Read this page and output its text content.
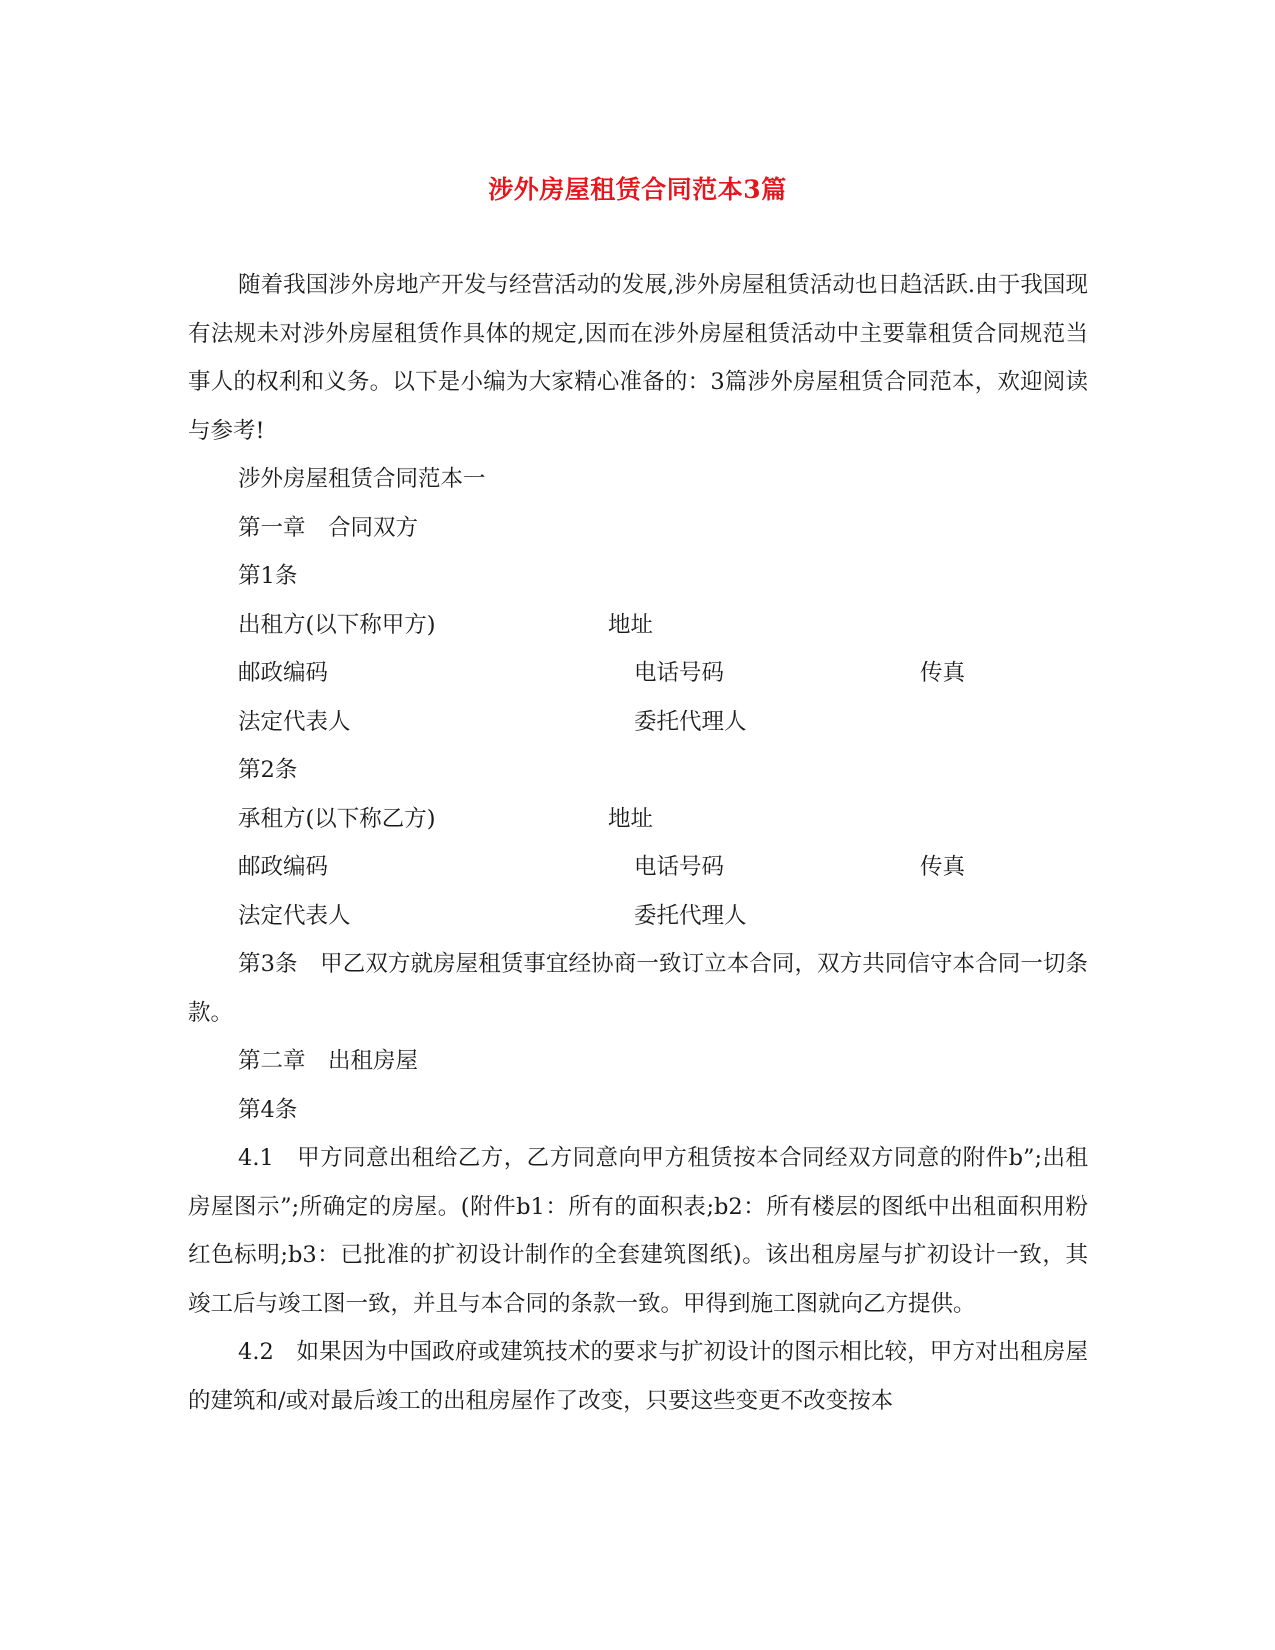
涉外房屋租赁合同范本3篇

随着我国涉外房地产开发与经营活动的发展,涉外房屋租赁活动也日趋活跃.由于我国现有法规未对涉外房屋租赁作具体的规定,因而在涉外房屋租赁活动中主要靠租赁合同规范当事人的权利和义务。以下是小编为大家精心准备的：3篇涉外房屋租赁合同范本，欢迎阅读与参考!

涉外房屋租赁合同范本一
第一章　合同双方
第1条
出租方(以下称甲方)	地址
邮政编码	电话号码	传真
法定代表人	委托代理人
第2条
承租方(以下称乙方)	地址
邮政编码	电话号码	传真
法定代表人	委托代理人

第3条　甲乙双方就房屋租赁事宜经协商一致订立本合同，双方共同信守本合同一切条款。

第二章　出租房屋
第4条

4.1　甲方同意出租给乙方，乙方同意向甲方租赁按本合同经双方同意的附件b”;出租房屋图示”;所确定的房屋。(附件b1：所有的面积表;b2：所有楼层的图纸中出租面积用粉红色标明;b3：已批准的扩初设计制作的全套建筑图纸)。该出租房屋与扩初设计一致，其竣工后与竣工图一致，并且与本合同的条款一致。甲得到施工图就向乙方提供。

4.2　如果因为中国政府或建筑技术的要求与扩初设计的图示相比较，甲方对出租房屋的建筑和/或对最后竣工的出租房屋作了改变，只要这些变更不改变按本
